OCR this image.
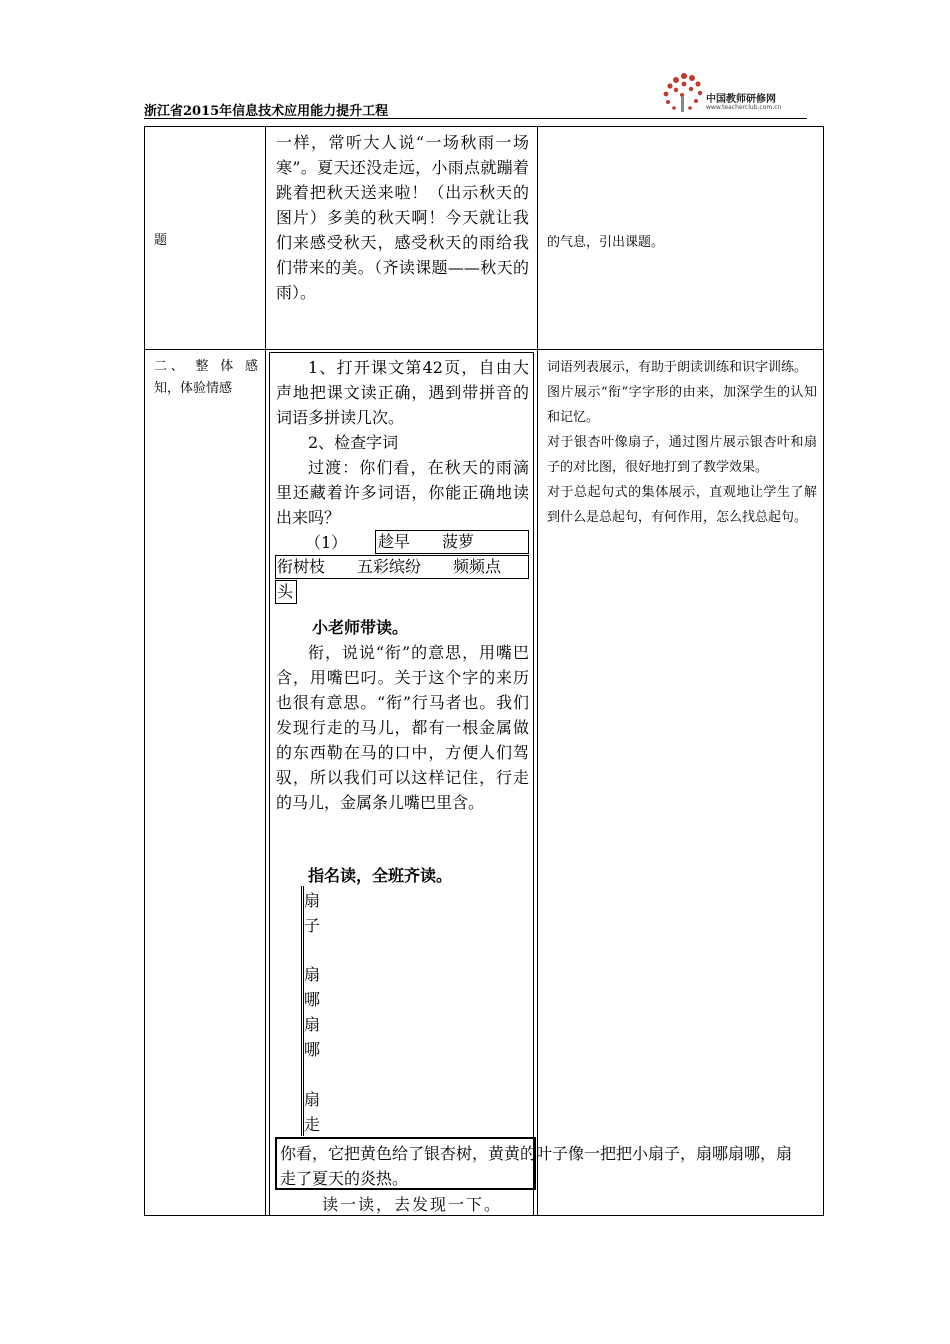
浙江省2015年信息技术应用能力提升工程
中国教师研修网
www.teacherclub.com.cn
题
一样，常听大人说“一场秋雨一场寒”。夏天还没走远，小雨点就蹦着跳着把秋天送来啦！（出示秋天的图片）多美的秋天啊！今天就让我们来感受秋天，感受秋天的雨给我们带来的美。（齐读课题——秋天的雨）。
的气息，引出课题。
二、 整 体 感 知，体验情感

1、打开课文第42页，自由大声地把课文读正确，遇到带拼音的词语多拼读几次。

2、检查字词

过渡：你们看，在秋天的雨滴里还藏着许多词语，你能正确地读出来吗？

（1） 趁早　　菠萝
衔树枝　　五彩缤纷　　频频点
头
小老师带读。

衔，说说“衔”的意思，用嘴巴含，用嘴巴叼。关于这个字的来历也很有意思。“衔”行马者也。我们发现行走的马儿，都有一根金属做的东西勒在马的口中，方便人们驾驭，所以我们可以这样记住，行走的马儿，金属条儿嘴巴里含。

指名读，全班齐读。
扇子
扇哪扇哪
扇走
你看，它把黄色给了银杏树，黄黄的叶子像一把把小扇子，扇哪扇哪，扇
走了夏天的炎热。
读一读，去发现一下。
词语列表展示，有助于朗读训练和识字训练。
图片展示“衔”字字形的由来，加深学生的认知和记忆。
对于银杏叶像扇子，通过图片展示银杏叶和扇子的对比图，很好地打到了教学效果。
对于总起句式的集体展示，直观地让学生了解到什么是总起句，有何作用，怎么找总起句。
